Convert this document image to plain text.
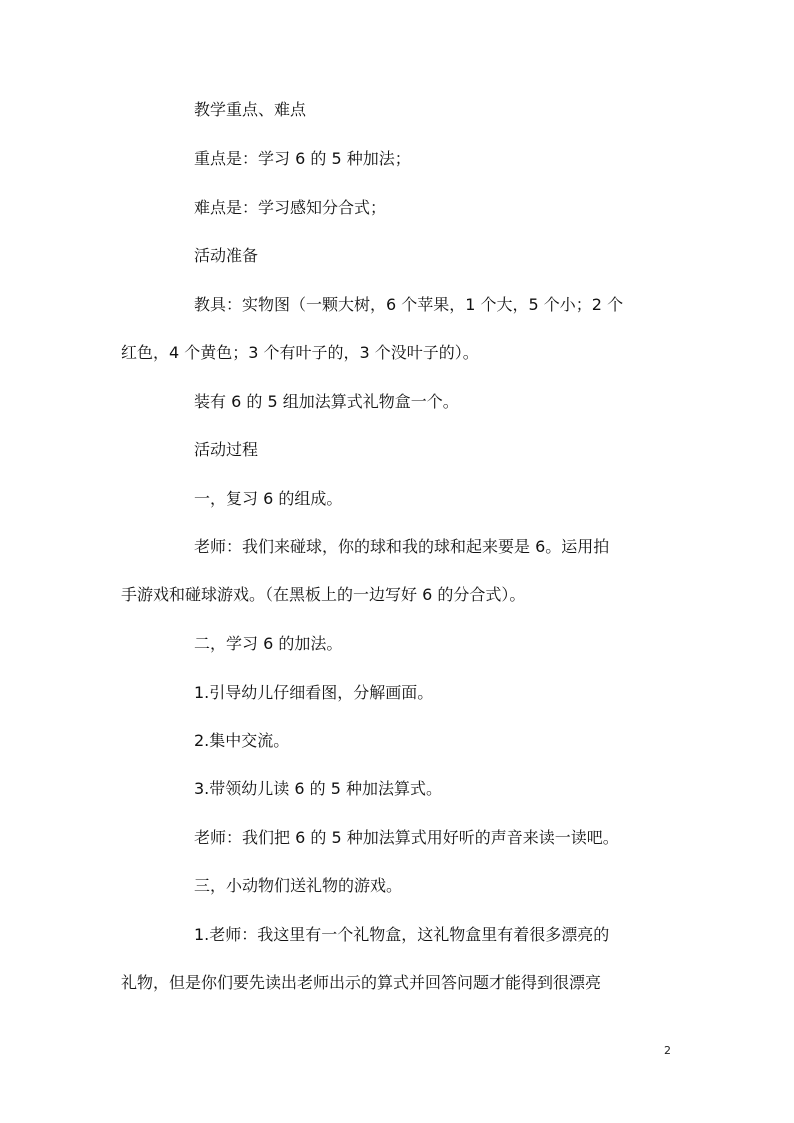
教学重点、难点
重点是：学习 6 的 5 种加法；
难点是：学习感知分合式；
活动准备
教具：实物图（一颗大树，6 个苹果，1 个大，5 个小；2 个
红色，4 个黄色；3 个有叶子的，3 个没叶子的）。
装有 6 的 5 组加法算式礼物盒一个。
活动过程
一，复习 6 的组成。
老师：我们来碰球，你的球和我的球和起来要是 6。运用拍
手游戏和碰球游戏。（在黑板上的一边写好 6 的分合式）。
二，学习 6 的加法。
1.引导幼儿仔细看图，分解画面。
2.集中交流。
3.带领幼儿读 6 的 5 种加法算式。
老师：我们把 6 的 5 种加法算式用好听的声音来读一读吧。
三，小动物们送礼物的游戏。
1.老师：我这里有一个礼物盒，这礼物盒里有着很多漂亮的
礼物，但是你们要先读出老师出示的算式并回答问题才能得到很漂亮
2
